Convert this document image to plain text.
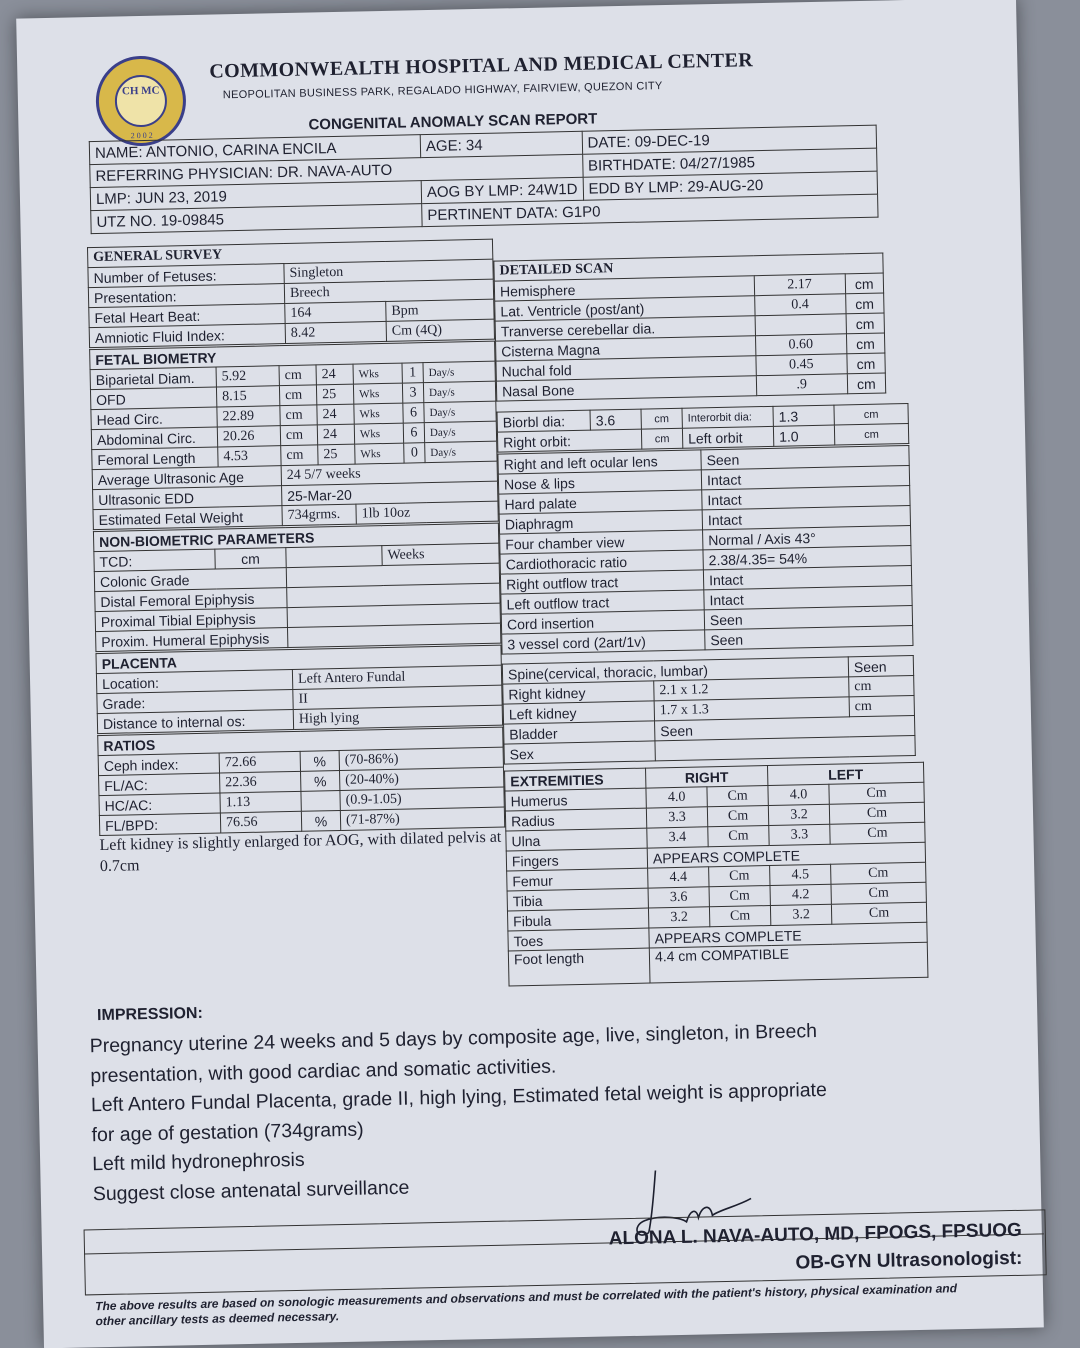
CH MC
2 0 0 2
COMMONWEALTH HOSPITAL AND MEDICAL CENTER
NEOPOLITAN BUSINESS PARK, REGALADO HIGHWAY, FAIRVIEW, QUEZON CITY
CONGENITAL ANOMALY SCAN REPORT
NAME: ANTONIO, CARINA ENCILA	AGE: 34	DATE: 09-DEC-19
REFERRING PHYSICIAN: DR. NAVA-AUTO		BIRTHDATE: 04/27/1985
LMP: JUN 23, 2019	AOG BY LMP: 24W1D	EDD BY LMP: 29-AUG-20
UTZ NO. 19-09845	PERTINENT DATA: G1P0	
GENERAL SURVEY		
Number of Fetuses:	Singleton	
Presentation:	Breech	
Fetal Heart Beat:	164	Bpm
Amniotic Fluid Index:	8.42	Cm (4Q)
FETAL BIOMETRY						
Biparietal Diam.	5.92	cm	24	Wks	1	Day/s
OFD	8.15	cm	25	Wks	3	Day/s
Head Circ.	22.89	cm	24	Wks	6	Day/s
Abdominal Circ.	20.26	cm	24	Wks	6	Day/s
Femoral Length	4.53	cm	25	Wks	0	Day/s
Average Ultrasonic Age		24 5/7 weeks				
Ultrasonic EDD		25-Mar-20				
Estimated Fetal Weight		734grms.		1lb 10oz		
NON-BIOMETRIC PARAMETERS			
TCD:	cm		Weeks
Colonic Grade			
Distal Femoral Epiphysis			
Proximal Tibial Epiphysis			
Proxim. Humeral Epiphysis			
PLACENTA	
Location:	Left Antero Fundal
Grade:	II
Distance to internal os:	High lying
RATIOS			
Ceph index:	72.66	%	(70-86%)
FL/AC:	22.36	%	(20-40%)
HC/AC:	1.13		(0.9-1.05)
FL/BPD:	76.56	%	(71-87%)
Left kidney is slightly enlarged for AOG, with dilated pelvis at 0.7cm
DETAILED SCAN		
Hemisphere	2.17	cm
Lat. Ventricle (post/ant)	0.4	cm
Tranverse cerebellar dia.		cm
Cisterna Magna	0.60	cm
Nuchal fold	0.45	cm
Nasal Bone	.9	cm
Biorbl dia:	3.6	cm	Interorbit dia:	1.3	cm
Right orbit:		cm	Left orbit	1.0	cm
Right and left ocular lens	Seen
Nose & lips	Intact
Hard palate	Intact
Diaphragm	Intact
Four chamber view	Normal / Axis 43°
Cardiothoracic ratio	2.38/4.35= 54%
Right outflow tract	Intact
Left outflow tract	Intact
Cord insertion	Seen
3 vessel cord (2art/1v)	Seen
Spine(cervical, thoracic, lumbar)		Seen
Right kidney	2.1 x 1.2	cm
Left kidney	1.7 x 1.3	cm
Bladder	Seen	
Sex		
EXTREMITIES	RIGHT		LEFT	
Humerus	4.0	Cm	4.0	Cm
Radius	3.3	Cm	3.2	Cm
Ulna	3.4	Cm	3.3	Cm
Fingers	APPEARS COMPLETE			
Femur	4.4	Cm	4.5	Cm
Tibia	3.6	Cm	4.2	Cm
Fibula	3.2	Cm	3.2	Cm
Toes	APPEARS COMPLETE			
Foot length	4.4 cm COMPATIBLE			
IMPRESSION:
Pregnancy uterine 24 weeks and 5 days by composite age, live, singleton, in Breech
presentation, with good cardiac and somatic activities.
Left Antero Fundal Placenta, grade II, high lying, Estimated fetal weight is appropriate
for age of gestation (734grams)
Left mild hydronephrosis
Suggest close antenatal surveillance
ALONA L. NAVA-AUTO, MD, FPOGS, FPSUOG
OB-GYN Ultrasonologist:
The above results are based on sonologic measurements and observations and must be correlated with the patient's history, physical examination and other ancillary tests as deemed necessary.
